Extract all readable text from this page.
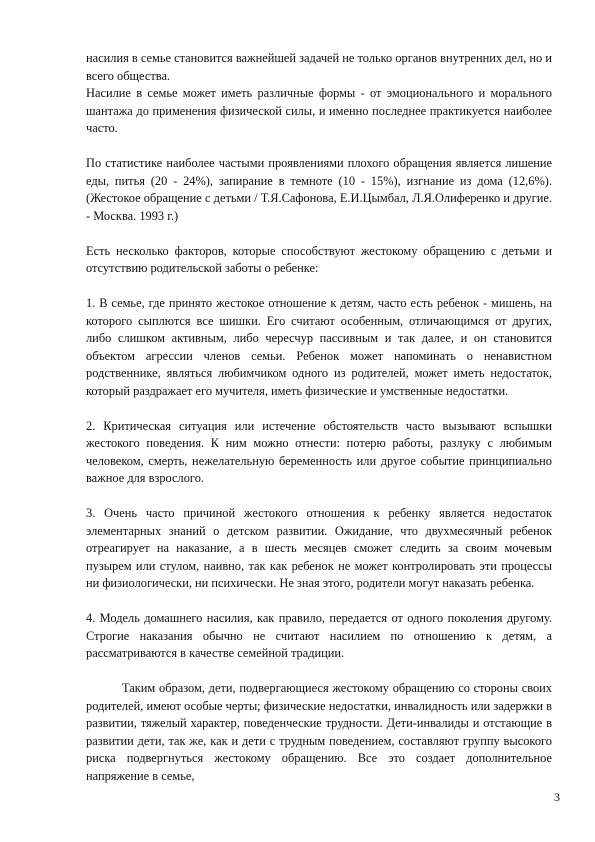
насилия в семье становится важнейшей задачей не только органов внутренних дел, но и всего общества.

Насилие в семье может иметь различные формы - от эмоционального и морального шантажа до применения физической силы, и именно последнее практикуется наиболее часто.

По статистике наиболее частыми проявлениями плохого обращения является лишение еды, питья (20 - 24%), запирание в темноте (10 - 15%), изгнание из дома (12,6%). (Жестокое обращение с детьми / Т.Я.Сафонова, Е.И.Цымбал, Л.Я.Олиференко и другие. - Москва. 1993 г.)

Есть несколько факторов, которые способствуют жестокому обращению с детьми и отсутствию родительской заботы о ребенке:

1. В семье, где принято жестокое отношение к детям, часто есть ребенок - мишень, на которого сыплются все шишки. Его считают особенным, отличающимся от других, либо слишком активным, либо чересчур пассивным и так далее, и он становится объектом агрессии членов семьи. Ребенок может напоминать о ненавистном родственнике, являться любимчиком одного из родителей, может иметь недостаток, который раздражает его мучителя, иметь физические и умственные недостатки.

2. Критическая ситуация или истечение обстоятельств часто вызывают вспышки жестокого поведения. К ним можно отнести: потерю работы, разлуку с любимым человеком, смерть, нежелательную беременность или другое событие принципиально важное для взрослого.

3. Очень часто причиной жестокого отношения к ребенку является недостаток элементарных знаний о детском развитии. Ожидание, что двухмесячный ребенок отреагирует на наказание, а в шесть месяцев сможет следить за своим мочевым пузырем или стулом, наивно, так как ребенок не может контролировать эти процессы ни физиологически, ни психически. Не зная этого, родители могут наказать ребенка.

4. Модель домашнего насилия, как правило, передается от одного поколения другому. Строгие наказания обычно не считают насилием по отношению к детям, а рассматриваются в качестве семейной традиции.

Таким образом, дети, подвергающиеся жестокому обращению со стороны своих родителей, имеют особые черты; физические недостатки, инвалидность или задержки в развитии, тяжелый характер, поведенческие трудности. Дети-инвалиды и отстающие в развитии дети, так же, как и дети с трудным поведением, составляют группу высокого риска подвергнуться жестокому обращению. Все это создает дополнительное напряжение в семье,

3
